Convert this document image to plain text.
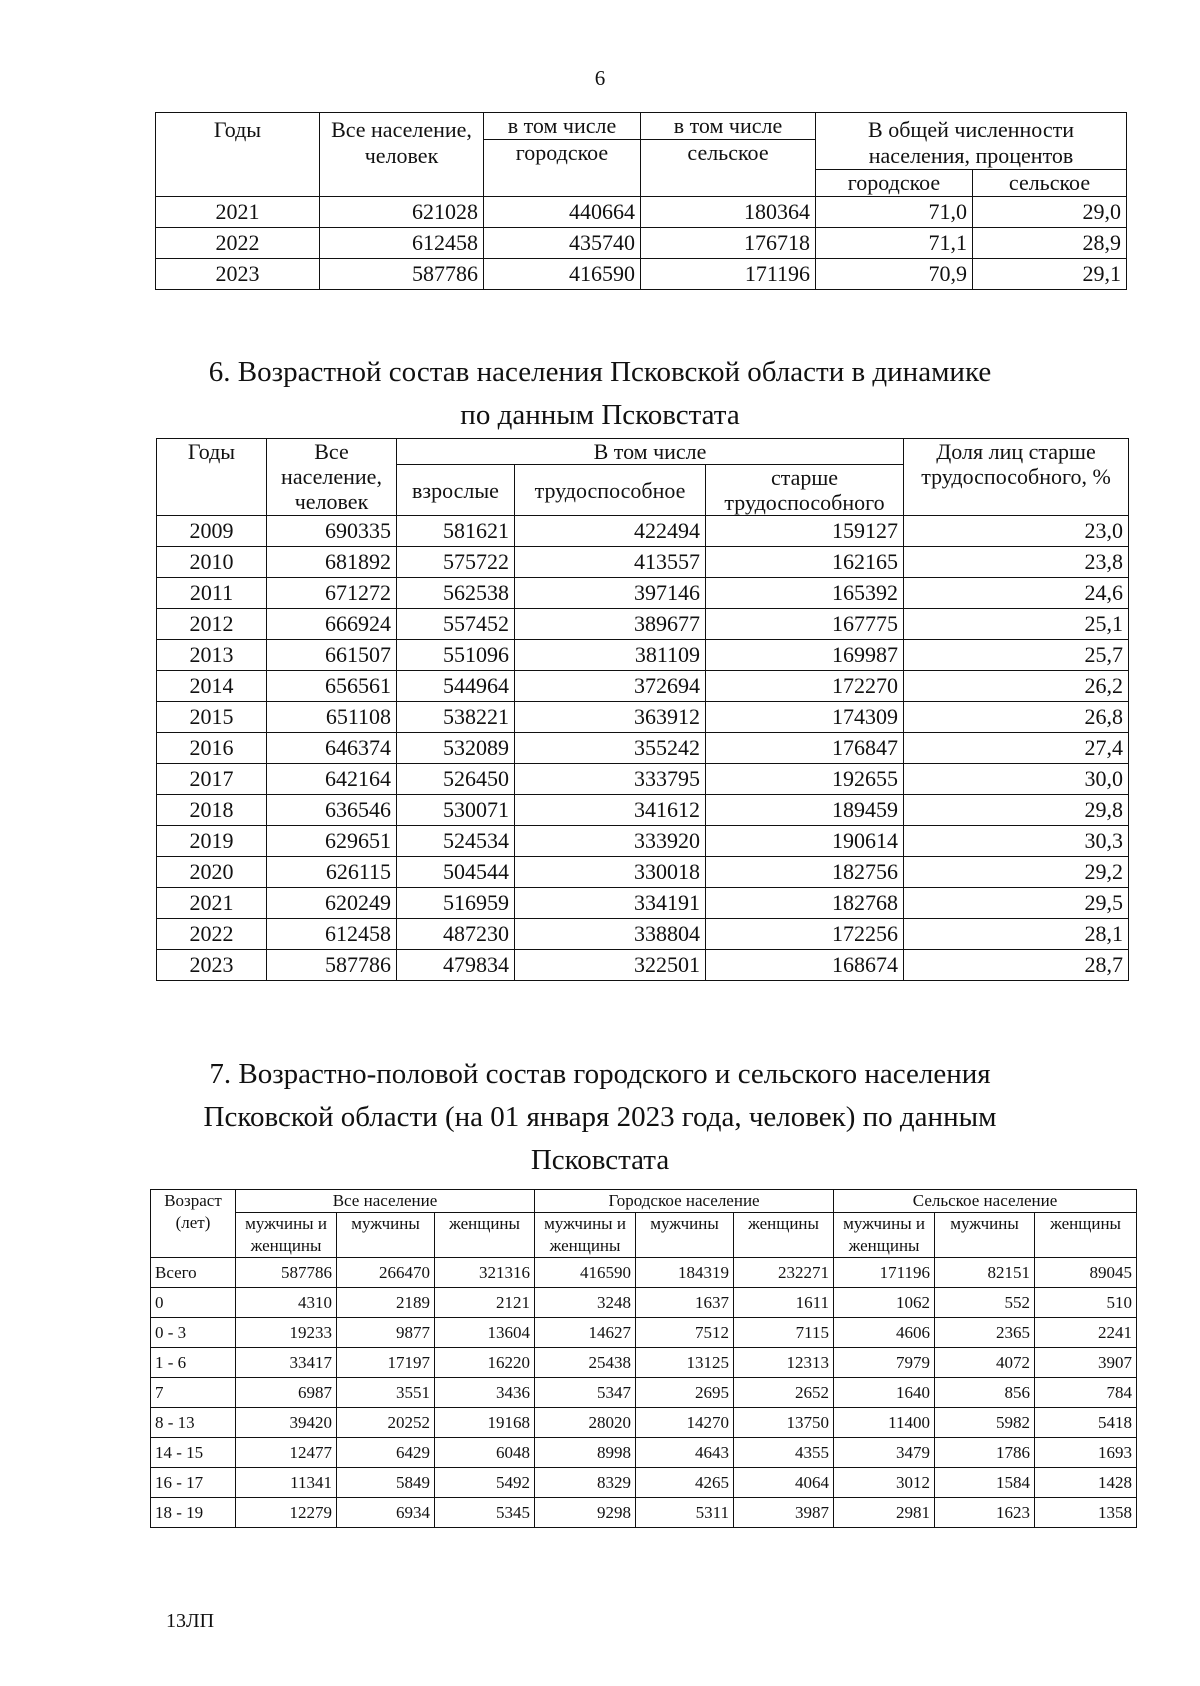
6
Годы	Все население, человек	в том числе	в том числе	В общей численности населения, процентов	
		городское	сельское		
				городское	сельское
2021	621028	440664	180364	71,0	29,0
2022	612458	435740	176718	71,1	28,9
2023	587786	416590	171196	70,9	29,1
6. Возрастной состав населения Псковской области в динамике
по данным Псковстата
Годы	Все население, человек	В том числе			Доля лиц старше трудоспособного, %
		взрослые	трудоспособное	старше трудоспособного	
2009	690335	581621	422494	159127	23,0
2010	681892	575722	413557	162165	23,8
2011	671272	562538	397146	165392	24,6
2012	666924	557452	389677	167775	25,1
2013	661507	551096	381109	169987	25,7
2014	656561	544964	372694	172270	26,2
2015	651108	538221	363912	174309	26,8
2016	646374	532089	355242	176847	27,4
2017	642164	526450	333795	192655	30,0
2018	636546	530071	341612	189459	29,8
2019	629651	524534	333920	190614	30,3
2020	626115	504544	330018	182756	29,2
2021	620249	516959	334191	182768	29,5
2022	612458	487230	338804	172256	28,1
2023	587786	479834	322501	168674	28,7
7. Возрастно-половой состав городского и сельского населения
Псковской области (на 01 января 2023 года, человек) по данным
Псковстата
Возраст (лет)	Все население			Городское население			Сельское население		
	мужчины и женщины	мужчины	женщины	мужчины и женщины	мужчины	женщины	мужчины и женщины	мужчины	женщины
Всего	587786	266470	321316	416590	184319	232271	171196	82151	89045
0	4310	2189	2121	3248	1637	1611	1062	552	510
0 - 3	19233	9877	13604	14627	7512	7115	4606	2365	2241
1 - 6	33417	17197	16220	25438	13125	12313	7979	4072	3907
7	6987	3551	3436	5347	2695	2652	1640	856	784
8 - 13	39420	20252	19168	28020	14270	13750	11400	5982	5418
14 - 15	12477	6429	6048	8998	4643	4355	3479	1786	1693
16 - 17	11341	5849	5492	8329	4265	4064	3012	1584	1428
18 - 19	12279	6934	5345	9298	5311	3987	2981	1623	1358
13ЛП
